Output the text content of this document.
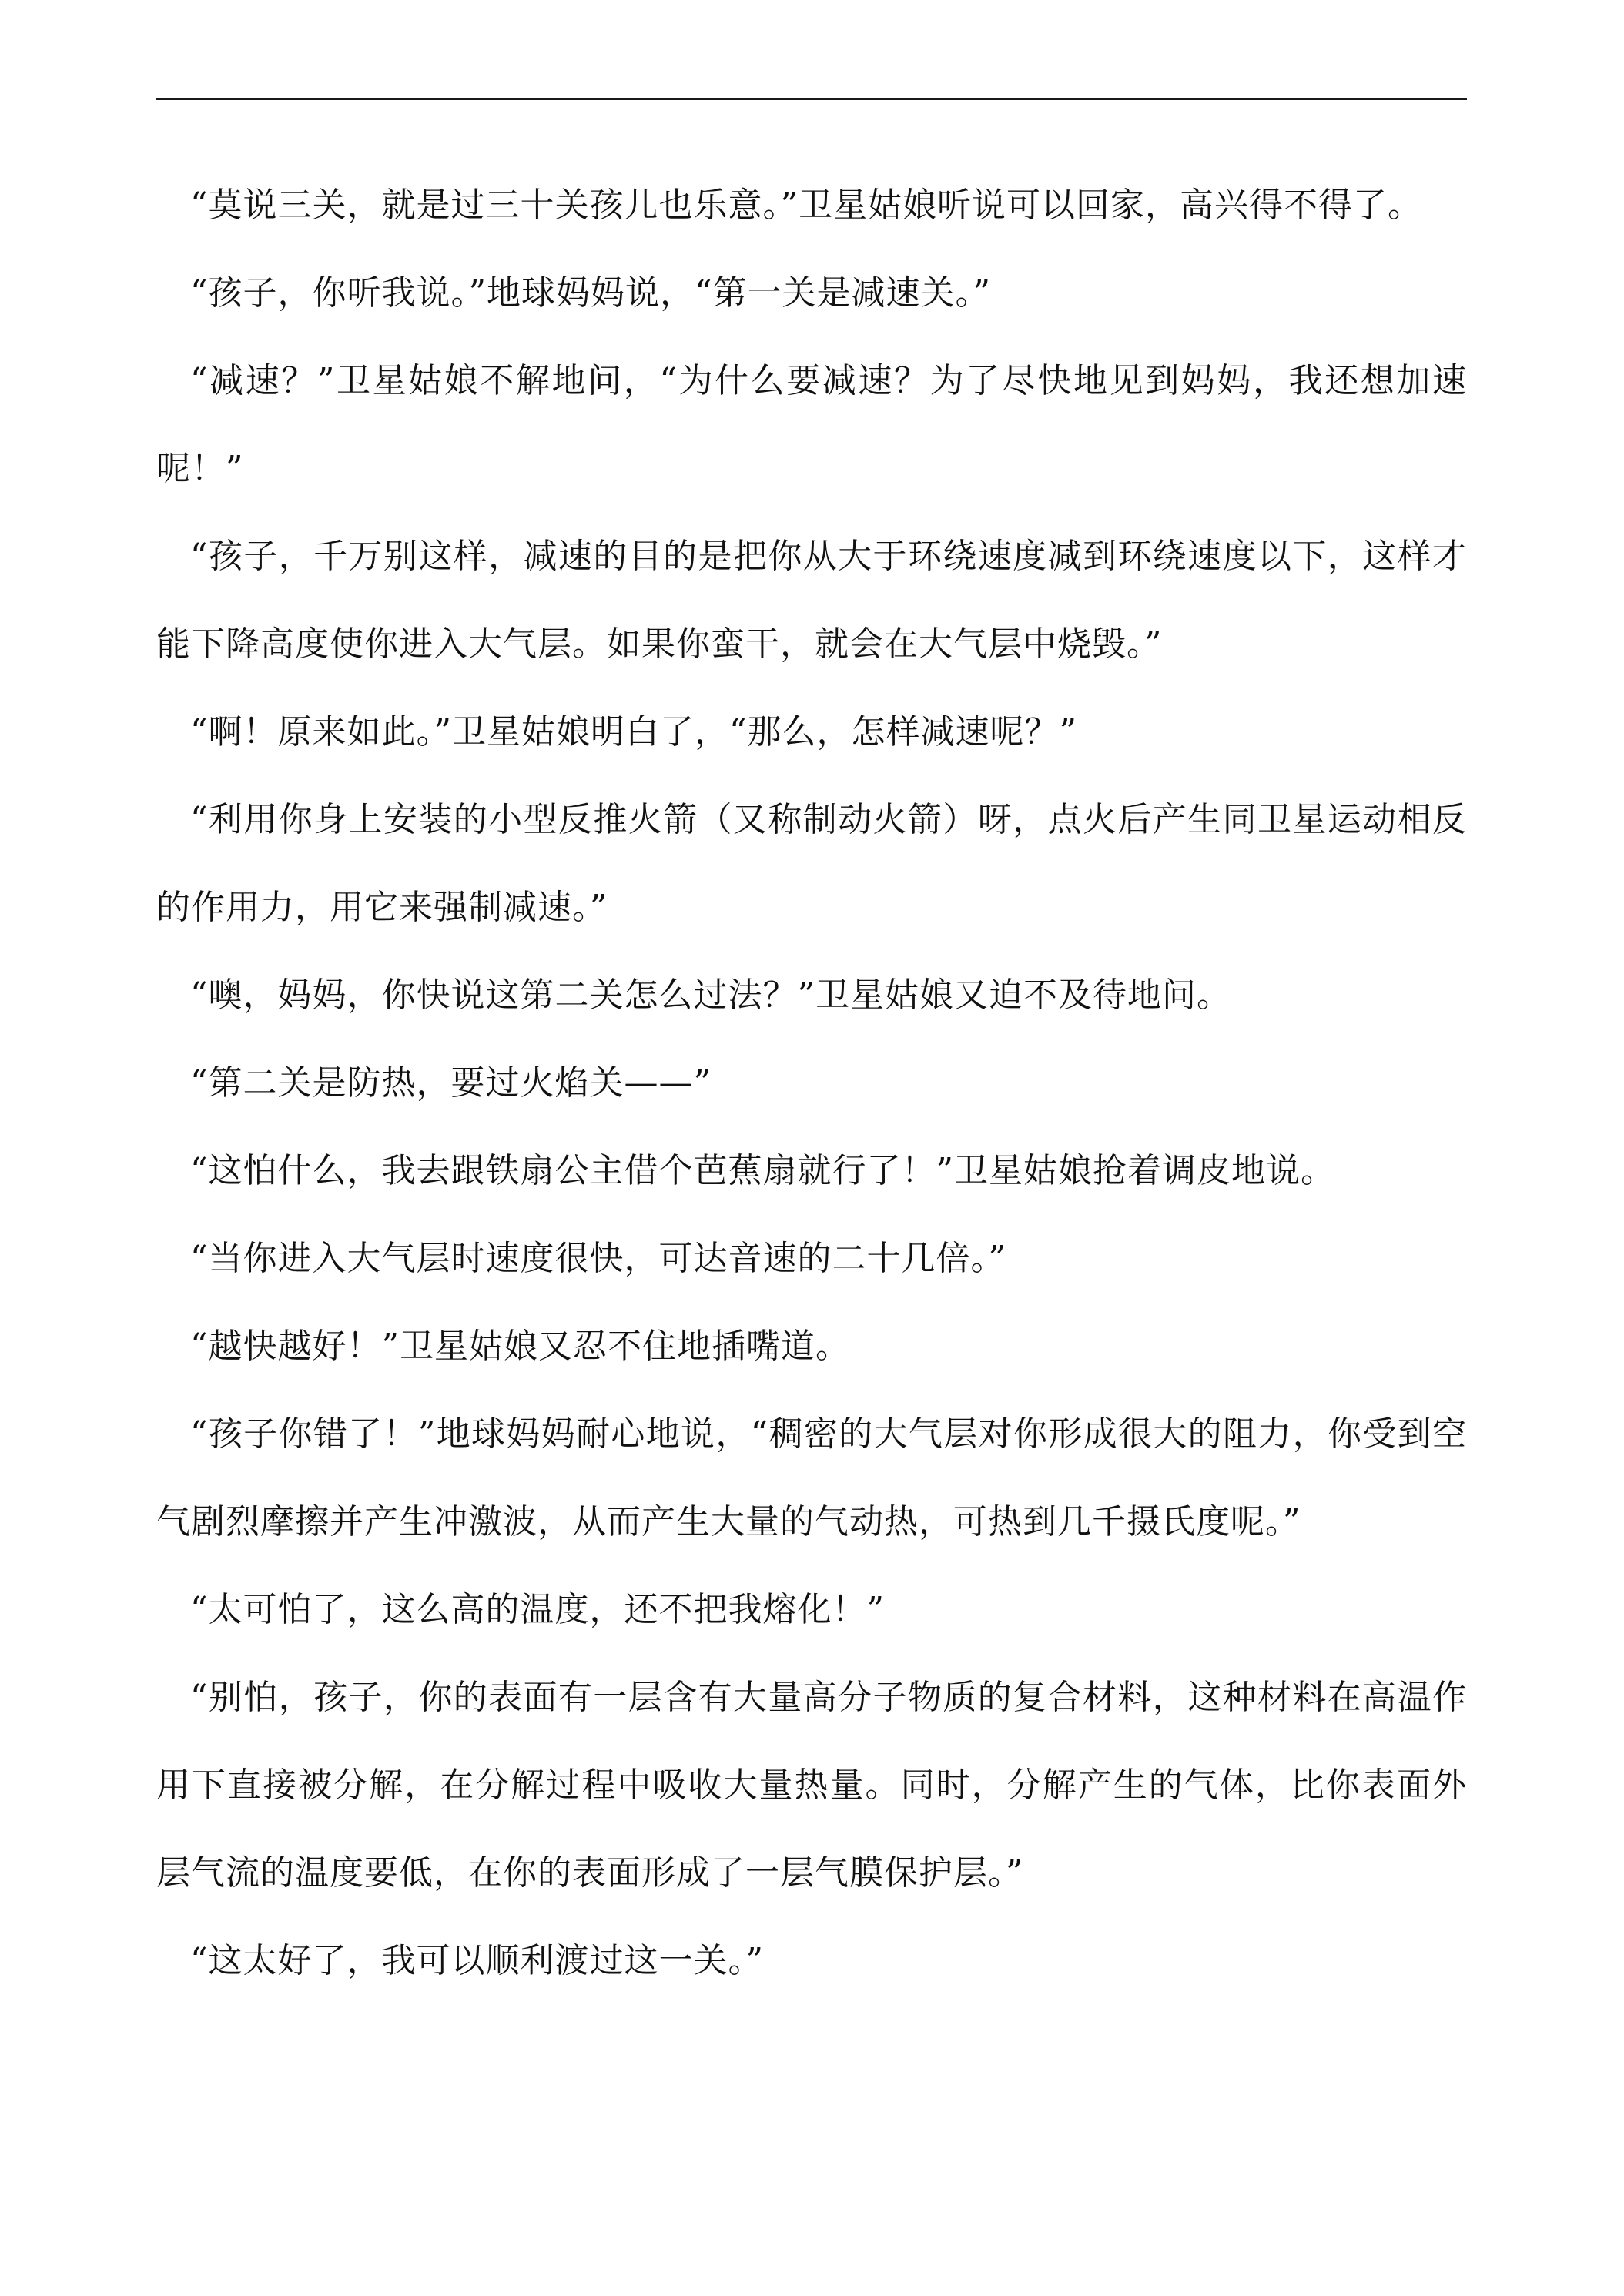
“莫说三关，就是过三十关孩儿也乐意。”卫星姑娘听说可以回家，高兴得不得了。

“孩子，你听我说。”地球妈妈说，“第一关是减速关。”

“减速？”卫星姑娘不解地问，“为什么要减速？为了尽快地见到妈妈，我还想加速呢！”

“孩子，千万别这样，减速的目的是把你从大于环绕速度减到环绕速度以下，这样才能下降高度使你进入大气层。如果你蛮干，就会在大气层中烧毁。”

“啊！原来如此。”卫星姑娘明白了，“那么，怎样减速呢？”

“利用你身上安装的小型反推火箭（又称制动火箭）呀，点火后产生同卫星运动相反的作用力，用它来强制减速。”

“噢，妈妈，你快说这第二关怎么过法？”卫星姑娘又迫不及待地问。

“第二关是防热，要过火焰关——”

“这怕什么，我去跟铁扇公主借个芭蕉扇就行了！”卫星姑娘抢着调皮地说。

“当你进入大气层时速度很快，可达音速的二十几倍。”

“越快越好！”卫星姑娘又忍不住地插嘴道。

“孩子你错了！”地球妈妈耐心地说，“稠密的大气层对你形成很大的阻力，你受到空气剧烈摩擦并产生冲激波，从而产生大量的气动热，可热到几千摄氏度呢。”

“太可怕了，这么高的温度，还不把我熔化！”

“别怕，孩子，你的表面有一层含有大量高分子物质的复合材料，这种材料在高温作用下直接被分解，在分解过程中吸收大量热量。同时，分解产生的气体，比你表面外层气流的温度要低，在你的表面形成了一层气膜保护层。”

“这太好了，我可以顺利渡过这一关。”
